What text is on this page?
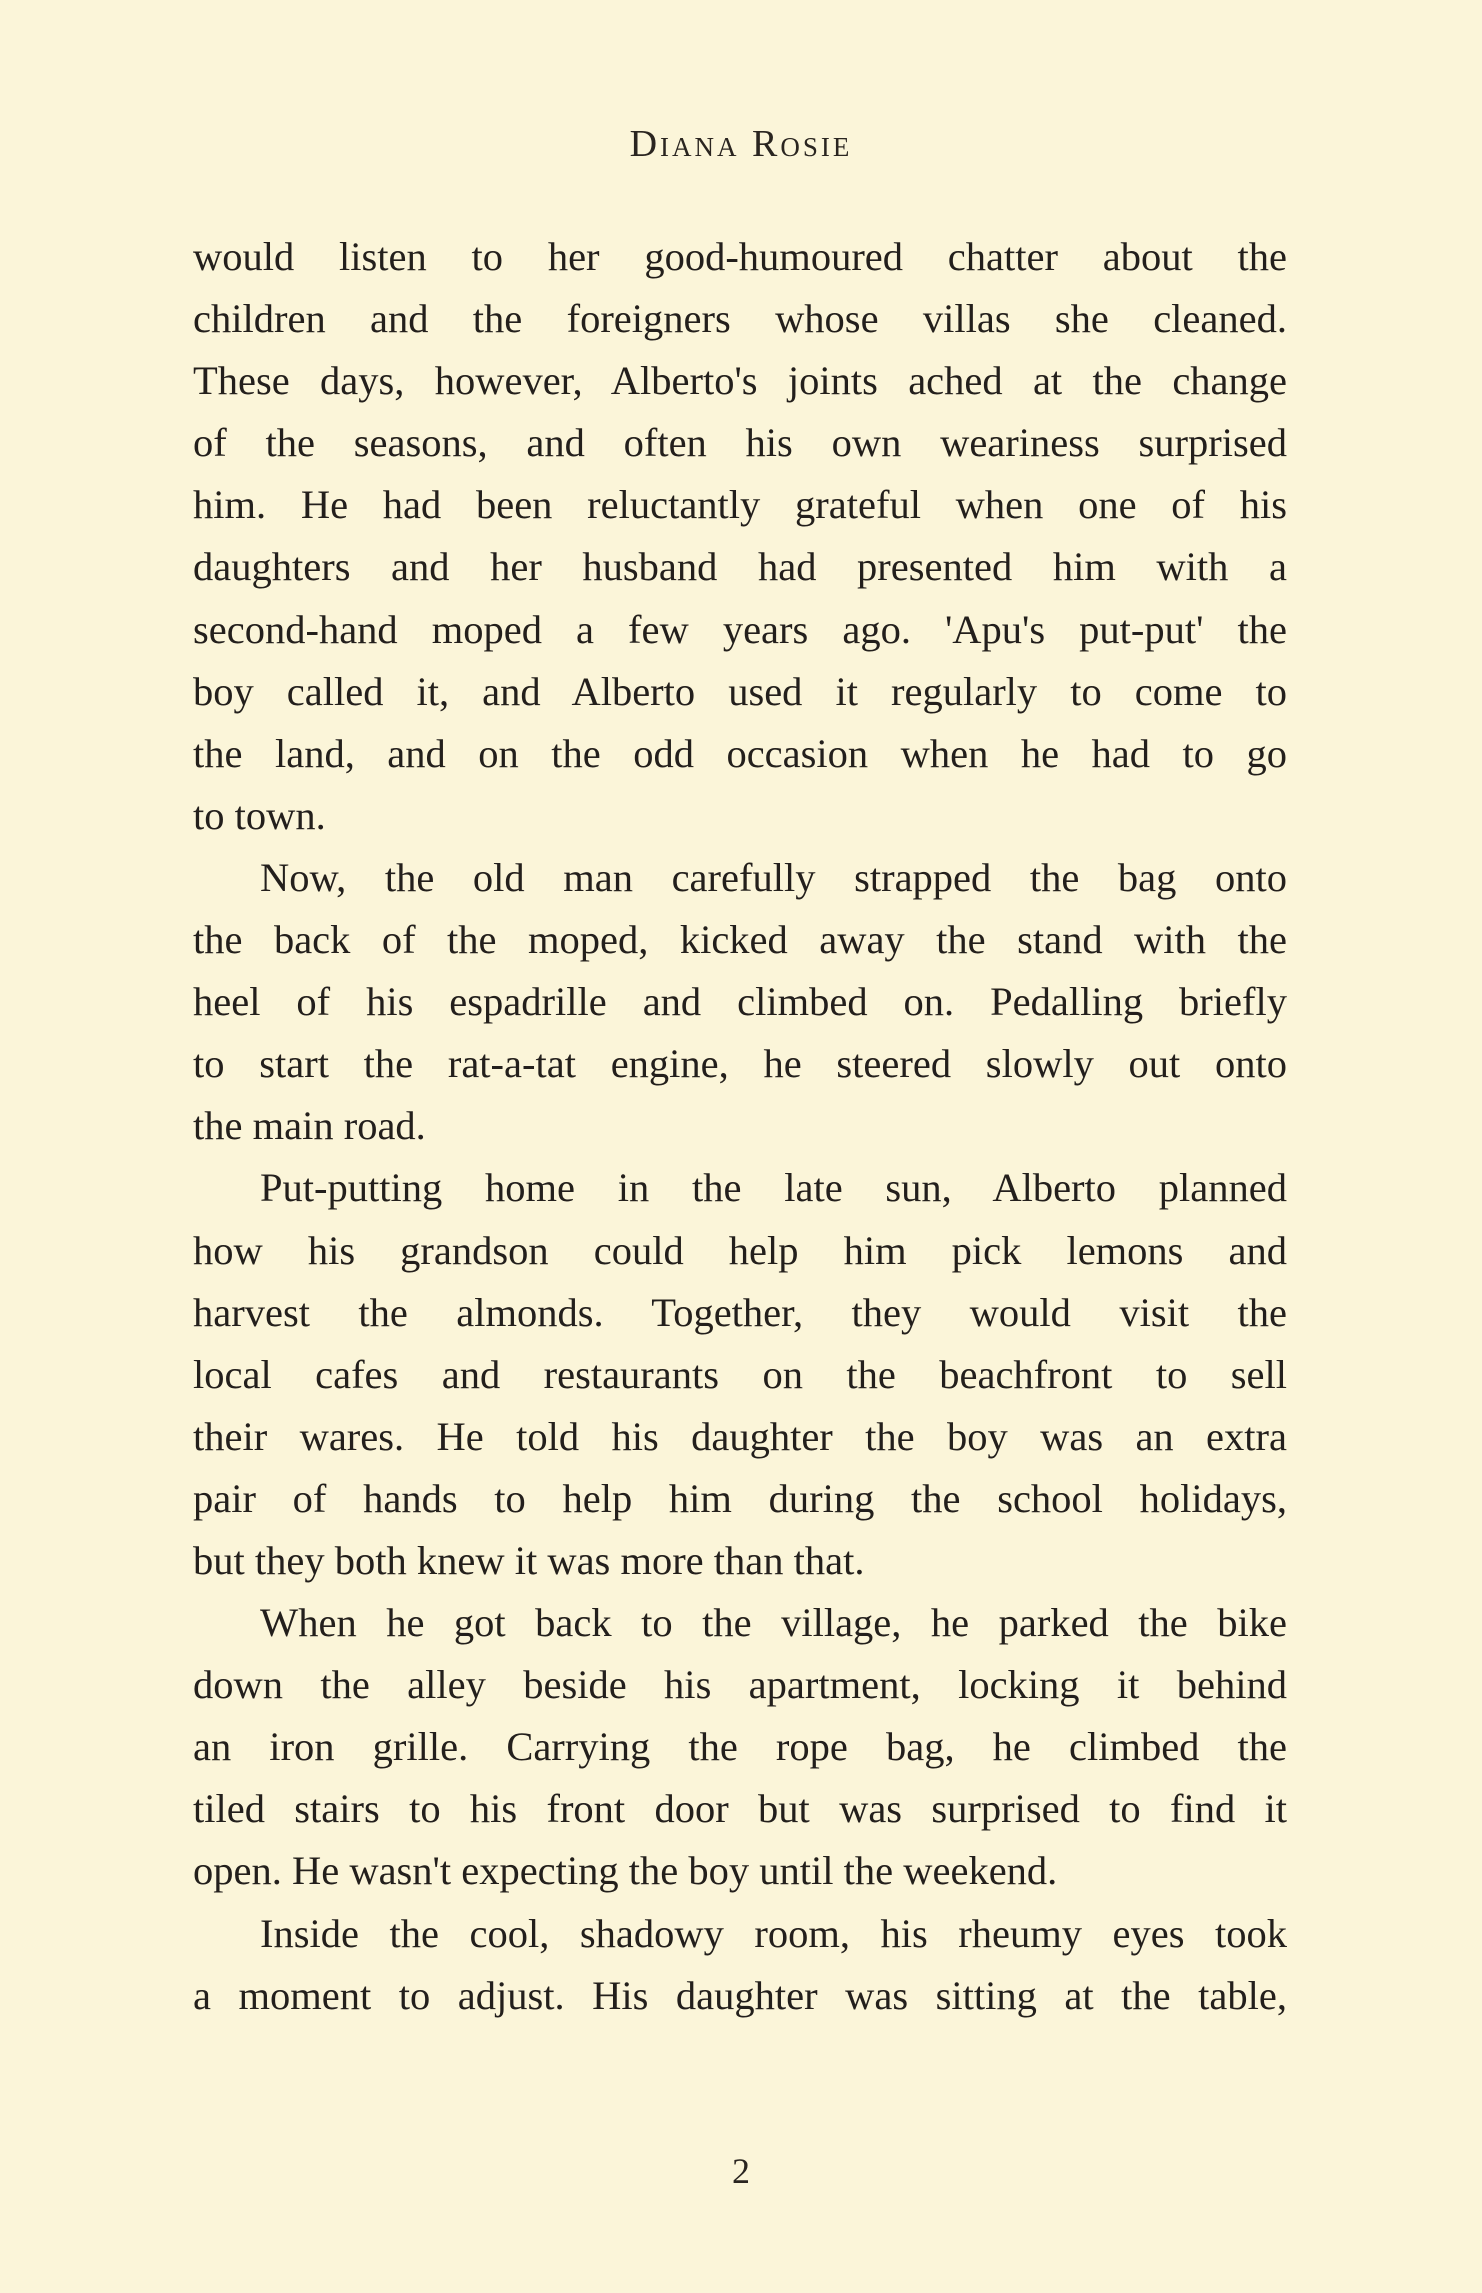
Diana Rosie
would listen to her good-humoured chatter about the
children and the foreigners whose villas she cleaned.
These days, however, Alberto's joints ached at the change
of the seasons, and often his own weariness surprised
him. He had been reluctantly grateful when one of his
daughters and her husband had presented him with a
second-hand moped a few years ago. 'Apu's put-put' the
boy called it, and Alberto used it regularly to come to
the land, and on the odd occasion when he had to go
to town.
Now, the old man carefully strapped the bag onto
the back of the moped, kicked away the stand with the
heel of his espadrille and climbed on. Pedalling briefly
to start the rat-a-tat engine, he steered slowly out onto
the main road.
Put-putting home in the late sun, Alberto planned
how his grandson could help him pick lemons and
harvest the almonds. Together, they would visit the
local cafes and restaurants on the beachfront to sell
their wares. He told his daughter the boy was an extra
pair of hands to help him during the school holidays,
but they both knew it was more than that.
When he got back to the village, he parked the bike
down the alley beside his apartment, locking it behind
an iron grille. Carrying the rope bag, he climbed the
tiled stairs to his front door but was surprised to find it
open. He wasn't expecting the boy until the weekend.
Inside the cool, shadowy room, his rheumy eyes took
a moment to adjust. His daughter was sitting at the table,
2
